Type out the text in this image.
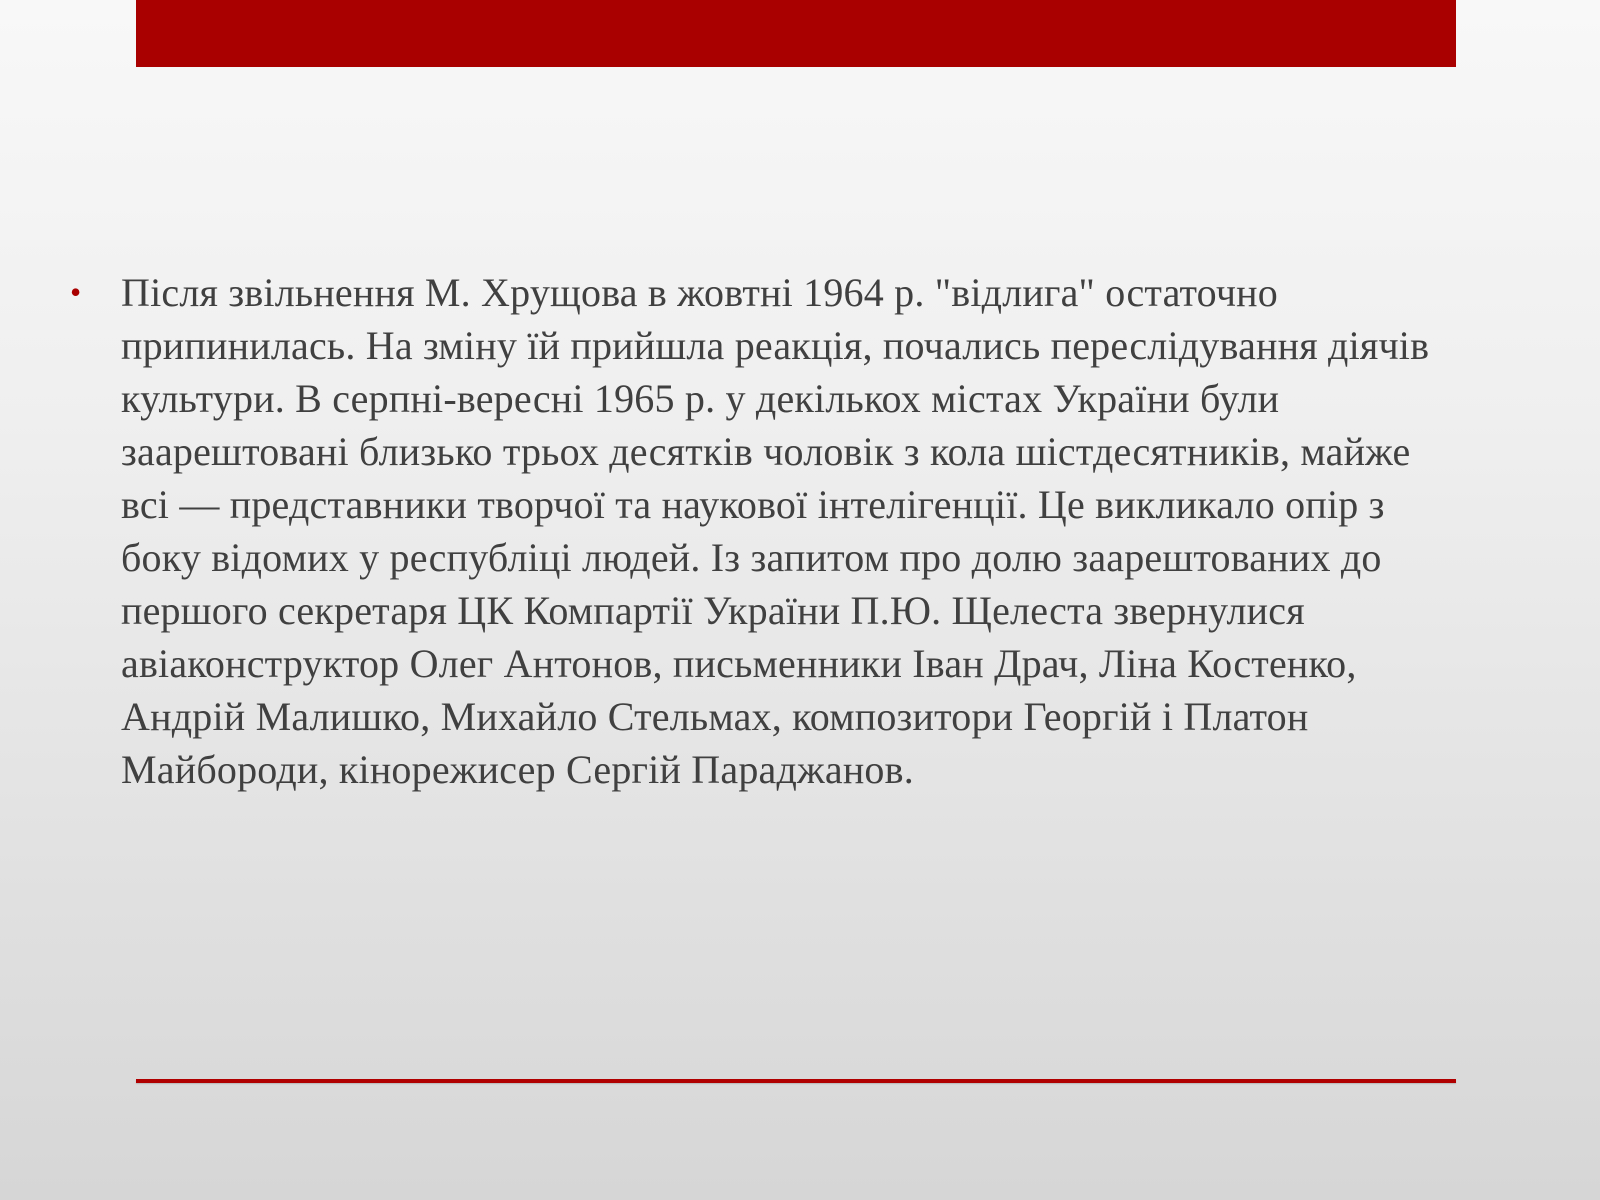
• Після звільнення М. Хрущова в жовтні 1964 р. "відлига" остаточно припинилась. На зміну їй прийшла реакція, почались переслідування діячів культури. В серпні-вересні 1965 р. у декількох містах України були заарештовані близько трьох десятків чоловік з кола шістдесятників, майже всі — представники творчої та наукової інтелігенції. Це викликало опір з боку відомих у республіці людей. Із запитом про долю заарештованих до першого секретаря ЦК Компартії України П.Ю. Щелеста звернулися авіаконструктор Олег Антонов, письменники Іван Драч, Ліна Костенко, Андрій Малишко, Михайло Стельмах, композитори Георгій і Платон Майбороди, кінорежисер Сергій Параджанов.
